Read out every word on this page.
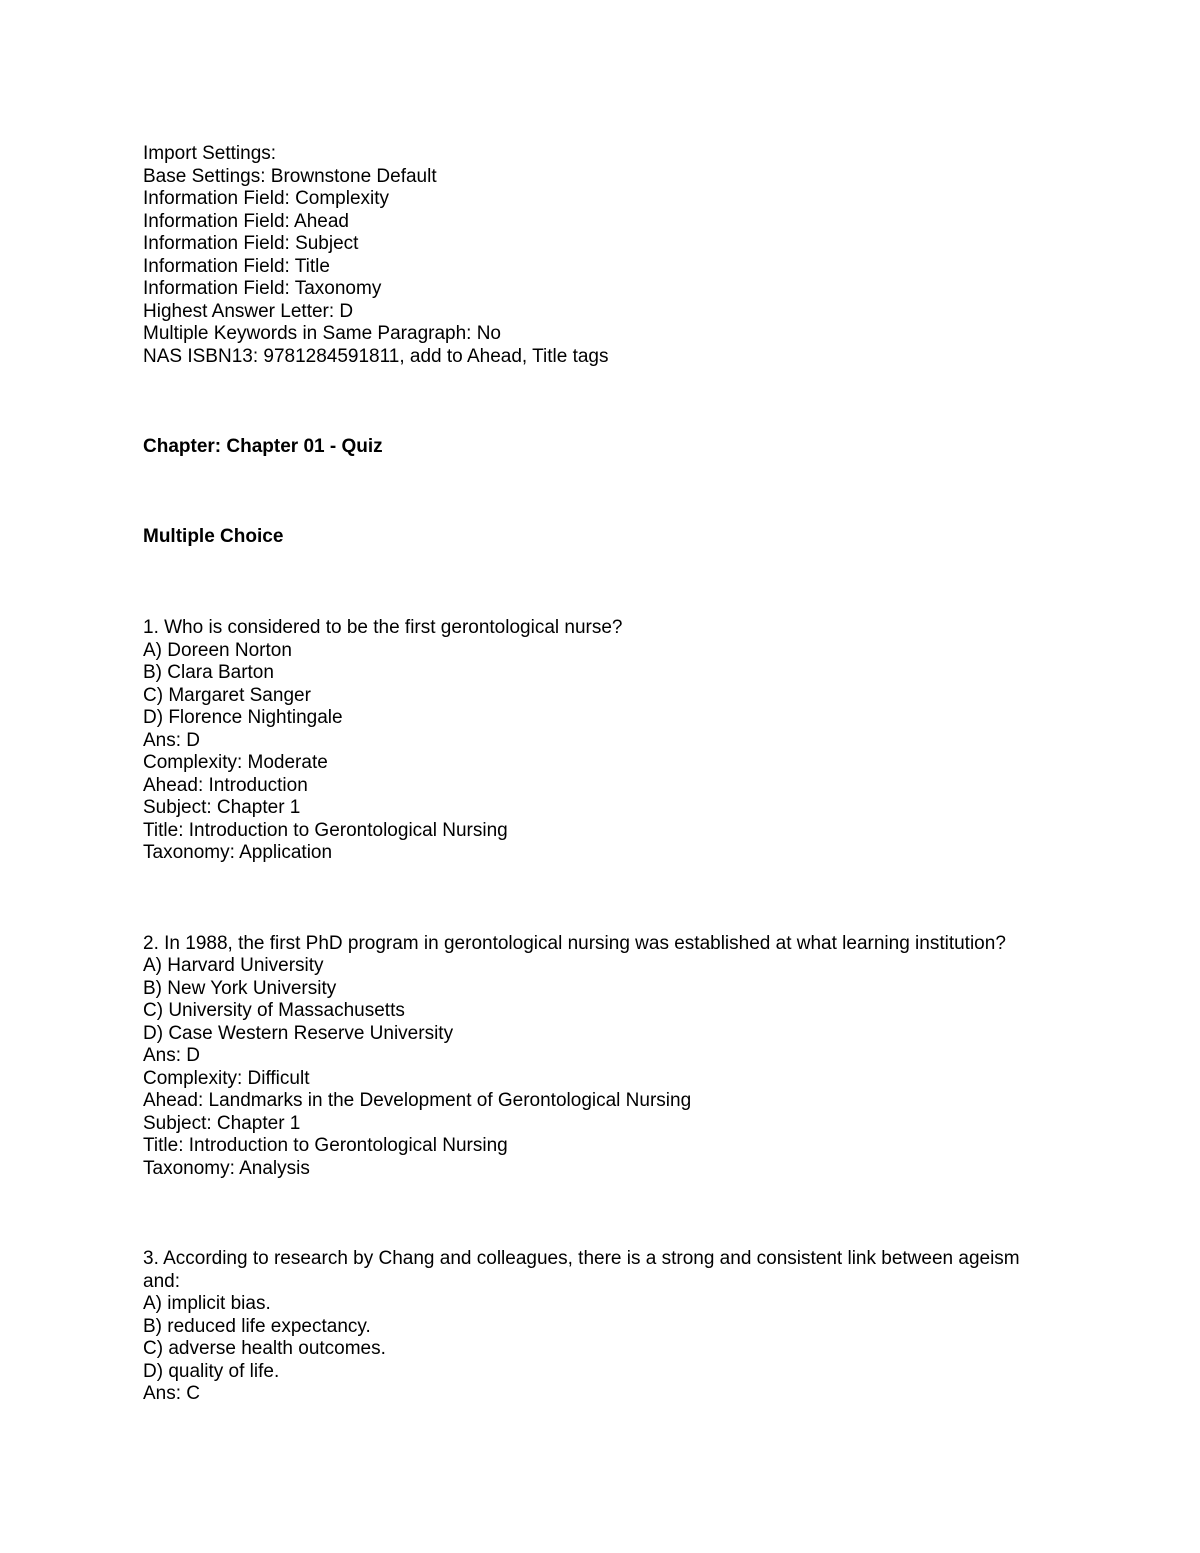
Import Settings:
Base Settings: Brownstone Default
Information Field: Complexity
Information Field: Ahead
Information Field: Subject
Information Field: Title
Information Field: Taxonomy
Highest Answer Letter: D
Multiple Keywords in Same Paragraph: No
NAS ISBN13: 9781284591811, add to Ahead, Title tags
Chapter: Chapter 01 - Quiz
Multiple Choice
1. Who is considered to be the first gerontological nurse?
A) Doreen Norton
B) Clara Barton
C) Margaret Sanger
D) Florence Nightingale
Ans: D
Complexity: Moderate
Ahead: Introduction
Subject: Chapter 1
Title: Introduction to Gerontological Nursing
Taxonomy: Application
2. In 1988, the first PhD program in gerontological nursing was established at what learning institution?
A) Harvard University
B) New York University
C) University of Massachusetts
D) Case Western Reserve University
Ans: D
Complexity: Difficult
Ahead: Landmarks in the Development of Gerontological Nursing
Subject: Chapter 1
Title: Introduction to Gerontological Nursing
Taxonomy: Analysis
3. According to research by Chang and colleagues, there is a strong and consistent link between ageism and:
A) implicit bias.
B) reduced life expectancy.
C) adverse health outcomes.
D) quality of life.
Ans: C
